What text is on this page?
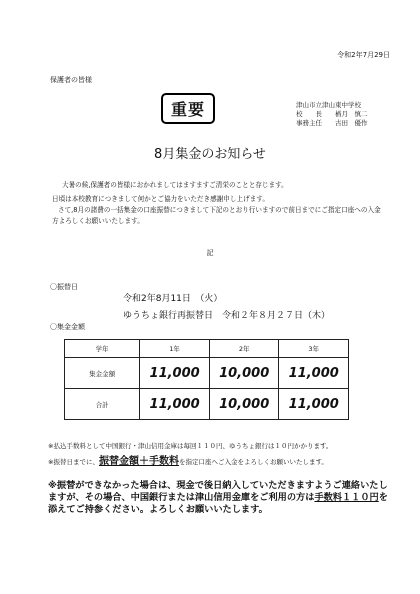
令和2年7月29日
保護者の皆様
重要	津山市立津山東中学校
校　　長	楢月　慎二
事務主任	古田　優作
8月集金のお知らせ
大暑の候,保護者の皆様におかれましてはますますご清栄のことと存じます。
日頃は本校教育につきまして何かとご協力をいただき感謝申し上げます。
さて,8月の諸費の一括集金の口座振替につきまして下記のとおり行いますので前日までにご指定口座への入金方よろしくお願いいたします。
記
〇振替日
令和2年8月11日　（火）
ゆうちょ銀行再振替日　令和２年８月２７日（木）
〇集金金額
学年	1年	2年	3年
集金金額	11,000	10,000	11,000
合計	11,000	10,000	11,000
※払込手数料として中国銀行・津山信用金庫は毎回１１０円、ゆうちょ銀行は１０円かかります。
※振替日までに、振替金額＋手数料を指定口座へご入金をよろしくお願いいたします。
※振替ができなかった場合は、現金で後日納入していただきますようご連絡いたしますが、その場合、中国銀行または津山信用金庫をご利用の方は手数料１１０円を添えてご持参ください。よろしくお願いいたします。
